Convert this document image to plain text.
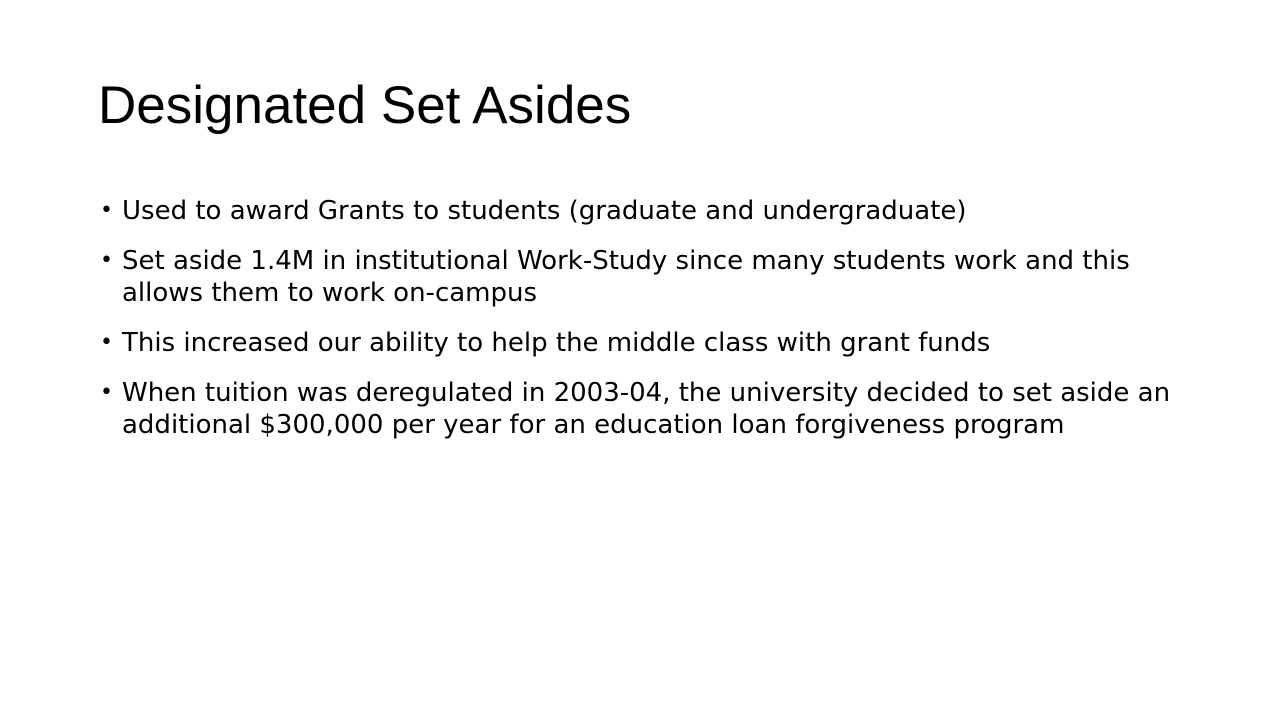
Designated Set Asides
• Used to award Grants to students (graduate and undergraduate)
• Set aside 1.4M in institutional Work-Study since many students work and this allows them to work on-campus
• This increased our ability to help the middle class with grant funds
• When tuition was deregulated in 2003-04, the university decided to set aside an additional $300,000 per year for an education loan forgiveness program
